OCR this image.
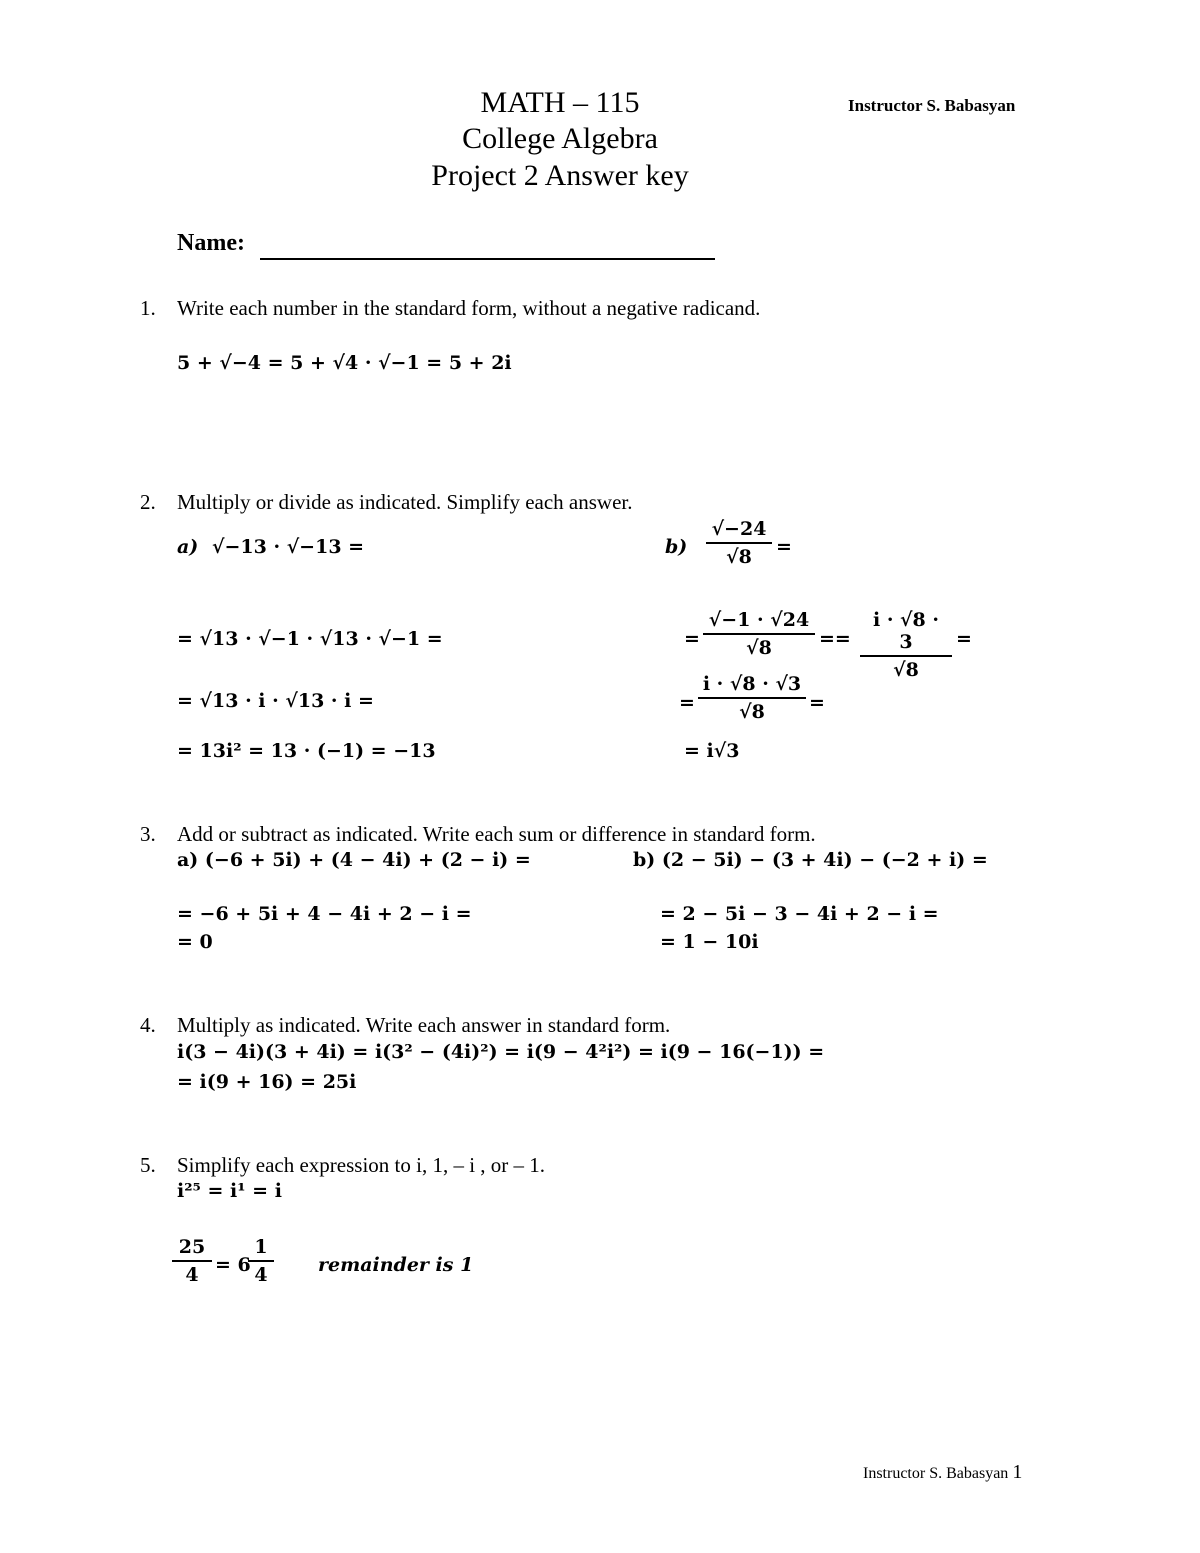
MATH – 115
College Algebra
Project 2 Answer key
Instructor S. Babasyan
Name:
1. Write each number in the standard form, without a negative radicand.
5 + √−4 = 5 + √4 · √−1 = 5 + 2i
2. Multiply or divide as indicated. Simplify each answer.
a) √−13 · √−13 =
= √13 · √−1 · √13 · √−1 =
= √13 · i · √13 · i =
= 13i² = 13 · (−1) = −13
$b) \frac{√-24}{√8}$ =
= $\frac{√-1 \cdot √24}{√8} == \frac{i \cdot √8 \cdot 3}{√8}$ =
= $\frac{i \cdot √8 \cdot √3}{√8}$ =
= i√3
3. Add or subtract as indicated. Write each sum or difference in standard form.
a) (−6 + 5i) + (4 − 4i) + (2 − i) =
= −6 + 5i + 4 − 4i + 2 − i =
= 0
b) (2 − 5i) − (3 + 4i) − (−2 + i) =
= 2 − 5i − 3 − 4i + 2 − i =
= 1 − 10i
4. Multiply as indicated. Write each answer in standard form.
i(3 − 4i)(3 + 4i) = i(3² − (4i)²) = i(9 − 4²i²) = i(9 − 16(−1)) =
= i(9 + 16) = 25i
5. Simplify each expression to i, 1, – i , or – 1.
i²⁵ = i¹ = i
$\frac{25}{4} = 6$
$\frac{1}{4}$ remainder is 1
Instructor S. Babasyan 1
